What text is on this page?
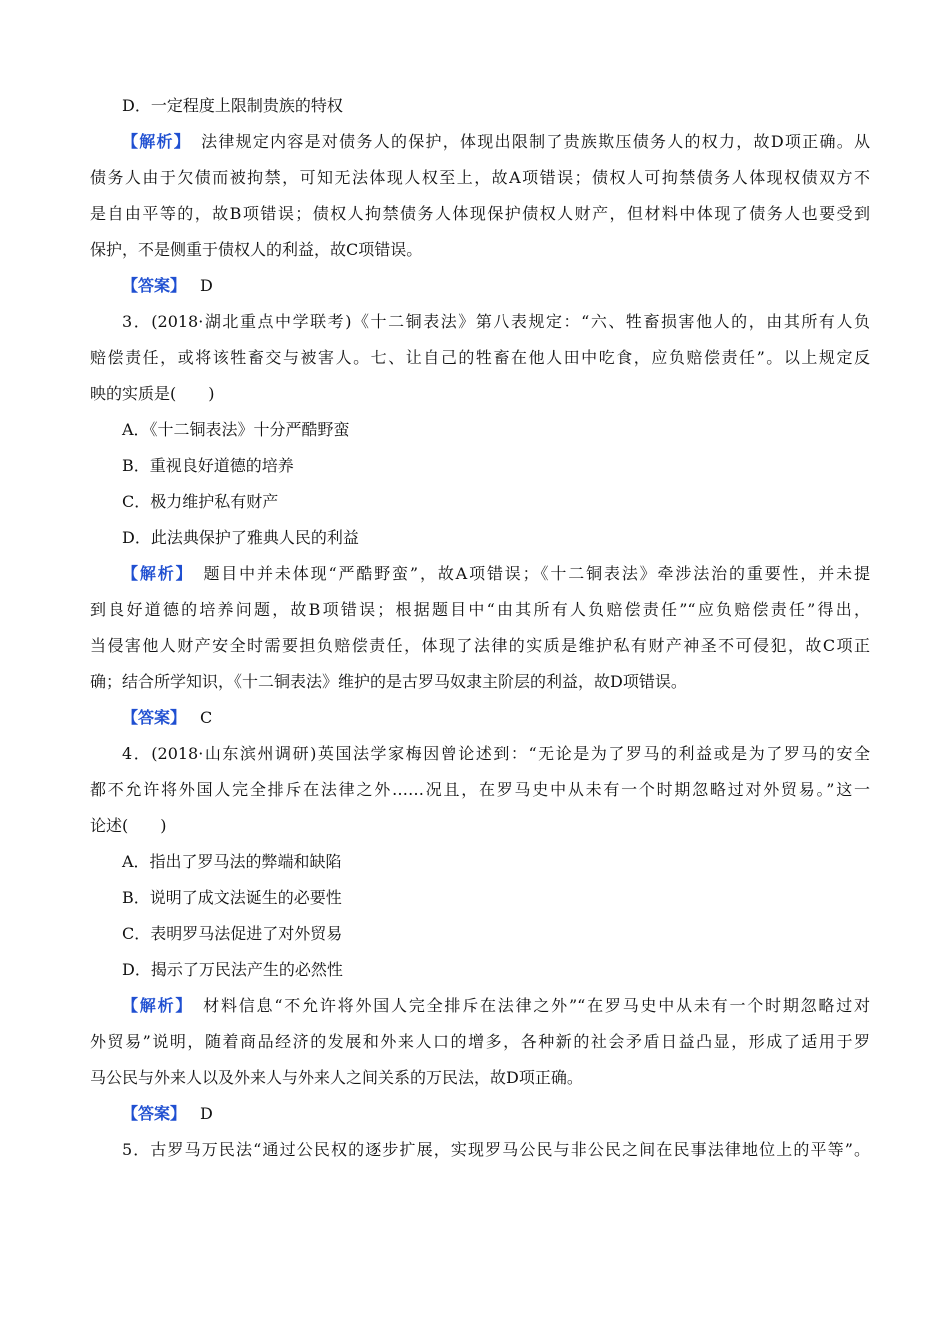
D．一定程度上限制贵族的特权
【解析】 法律规定内容是对债务人的保护，体现出限制了贵族欺压债务人的权力，故D项正确。从
债务人由于欠债而被拘禁，可知无法体现人权至上，故A项错误；债权人可拘禁债务人体现权债双方不
是自由平等的，故B项错误；债权人拘禁债务人体现保护债权人财产，但材料中体现了债务人也要受到
保护，不是侧重于债权人的利益，故C项错误。
【答案】 D
3．(2018·湖北重点中学联考)《十二铜表法》第八表规定：“六、牲畜损害他人的，由其所有人负
赔偿责任，或将该牲畜交与被害人。七、让自己的牲畜在他人田中吃食，应负赔偿责任”。以上规定反
映的实质是(　　)
A．《十二铜表法》十分严酷野蛮
B．重视良好道德的培养
C．极力维护私有财产
D．此法典保护了雅典人民的利益
【解析】 题目中并未体现“严酷野蛮”，故A项错误；《十二铜表法》牵涉法治的重要性，并未提
到良好道德的培养问题，故B项错误；根据题目中“由其所有人负赔偿责任”“应负赔偿责任”得出，
当侵害他人财产安全时需要担负赔偿责任，体现了法律的实质是维护私有财产神圣不可侵犯，故C项正
确；结合所学知识，《十二铜表法》维护的是古罗马奴隶主阶层的利益，故D项错误。
【答案】 C
4．(2018·山东滨州调研)英国法学家梅因曾论述到：“无论是为了罗马的利益或是为了罗马的安全
都不允许将外国人完全排斥在法律之外……况且，在罗马史中从未有一个时期忽略过对外贸易。”这一
论述(　　)
A．指出了罗马法的弊端和缺陷
B．说明了成文法诞生的必要性
C．表明罗马法促进了对外贸易
D．揭示了万民法产生的必然性
【解析】 材料信息“不允许将外国人完全排斥在法律之外”“在罗马史中从未有一个时期忽略过对
外贸易”说明，随着商品经济的发展和外来人口的增多，各种新的社会矛盾日益凸显，形成了适用于罗
马公民与外来人以及外来人与外来人之间关系的万民法，故D项正确。
【答案】 D
5．古罗马万民法“通过公民权的逐步扩展，实现罗马公民与非公民之间在民事法律地位上的平等”。
